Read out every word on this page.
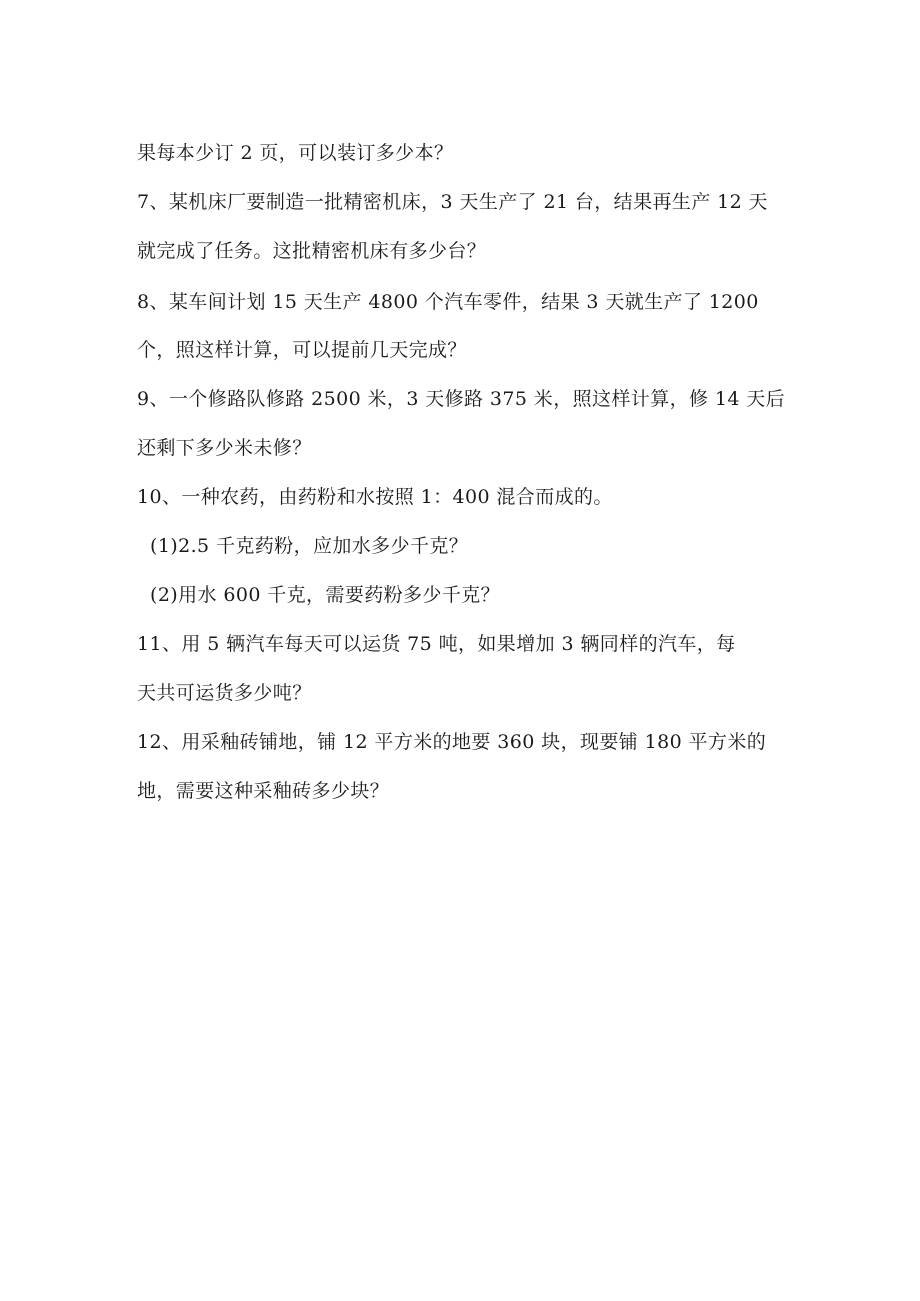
果每本少订 2 页，可以装订多少本？
7、某机床厂要制造一批精密机床，3 天生产了 21 台，结果再生产 12 天
就完成了任务。这批精密机床有多少台？
8、某车间计划 15 天生产 4800 个汽车零件，结果 3 天就生产了 1200
个，照这样计算，可以提前几天完成？
9、一个修路队修路 2500 米，3 天修路 375 米，照这样计算，修 14 天后
还剩下多少米未修？
10、一种农药，由药粉和水按照 1：400 混合而成的。
(1)2.5 千克药粉，应加水多少千克？
(2)用水 600 千克，需要药粉多少千克？
11、用 5 辆汽车每天可以运货 75 吨，如果增加 3 辆同样的汽车，每
天共可运货多少吨？
12、用采釉砖铺地，铺 12 平方米的地要 360 块，现要铺 180 平方米的
地，需要这种采釉砖多少块？
